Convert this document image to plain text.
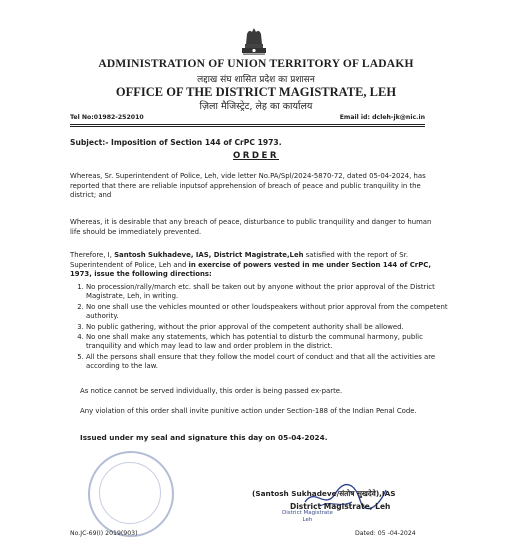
ADMINISTRATION OF UNION TERRITORY OF LADAKH
लद्दाख संघ शासित प्रदेश का प्रशासन
OFFICE OF THE DISTRICT MAGISTRATE, LEH
ज़िला मैजिस्ट्रेट, लेह का कार्यालय
Tel No:01982-252010	Email id: dcleh-jk@nic.in
Subject:- Imposition of Section 144 of CrPC 1973.
ORDER
Whereas, Sr. Superintendent of Police, Leh, vide letter No.PA/Spl/2024-5870-72, dated 05-04-2024, has reported that there are reliable inputsof apprehension of breach of peace and public tranquility in the district; and
Whereas, it is desirable that any breach of peace, disturbance to public tranquility and danger to human life should be immediately prevented.
Therefore, I, Santosh Sukhadeve, IAS, District Magistrate,Leh satisfied with the report of Sr. Superintendent of Police, Leh and in exercise of powers vested in me under Section 144 of CrPC, 1973, issue the following directions:
1. No procession/rally/march etc. shall be taken out by anyone without the prior approval of the District Magistrate, Leh, in writing.
2. No one shall use the vehicles mounted or other loudspeakers without prior approval from the competent authority.
3. No public gathering, without the prior approval of the competent authority shall be allowed.
4. No one shall make any statements, which has potential to disturb the communal harmony, public tranquility and which may lead to law and order problem in the district.
5. All the persons shall ensure that they follow the model court of conduct and that all the activities are according to the law.
As notice cannot be served individually, this order is being passed ex-parte.
Any violation of this order shall invite punitive action under Section-188 of the Indian Penal Code.
Issued under my seal and signature this day on 05-04-2024.
(Santosh Sukhadeve/संतोष सुखदेवे),IAS
District Magistrate, Leh
District Magistrate
Leh
No.JC-69(I) 2019(903)	Dated: 05 -04-2024
